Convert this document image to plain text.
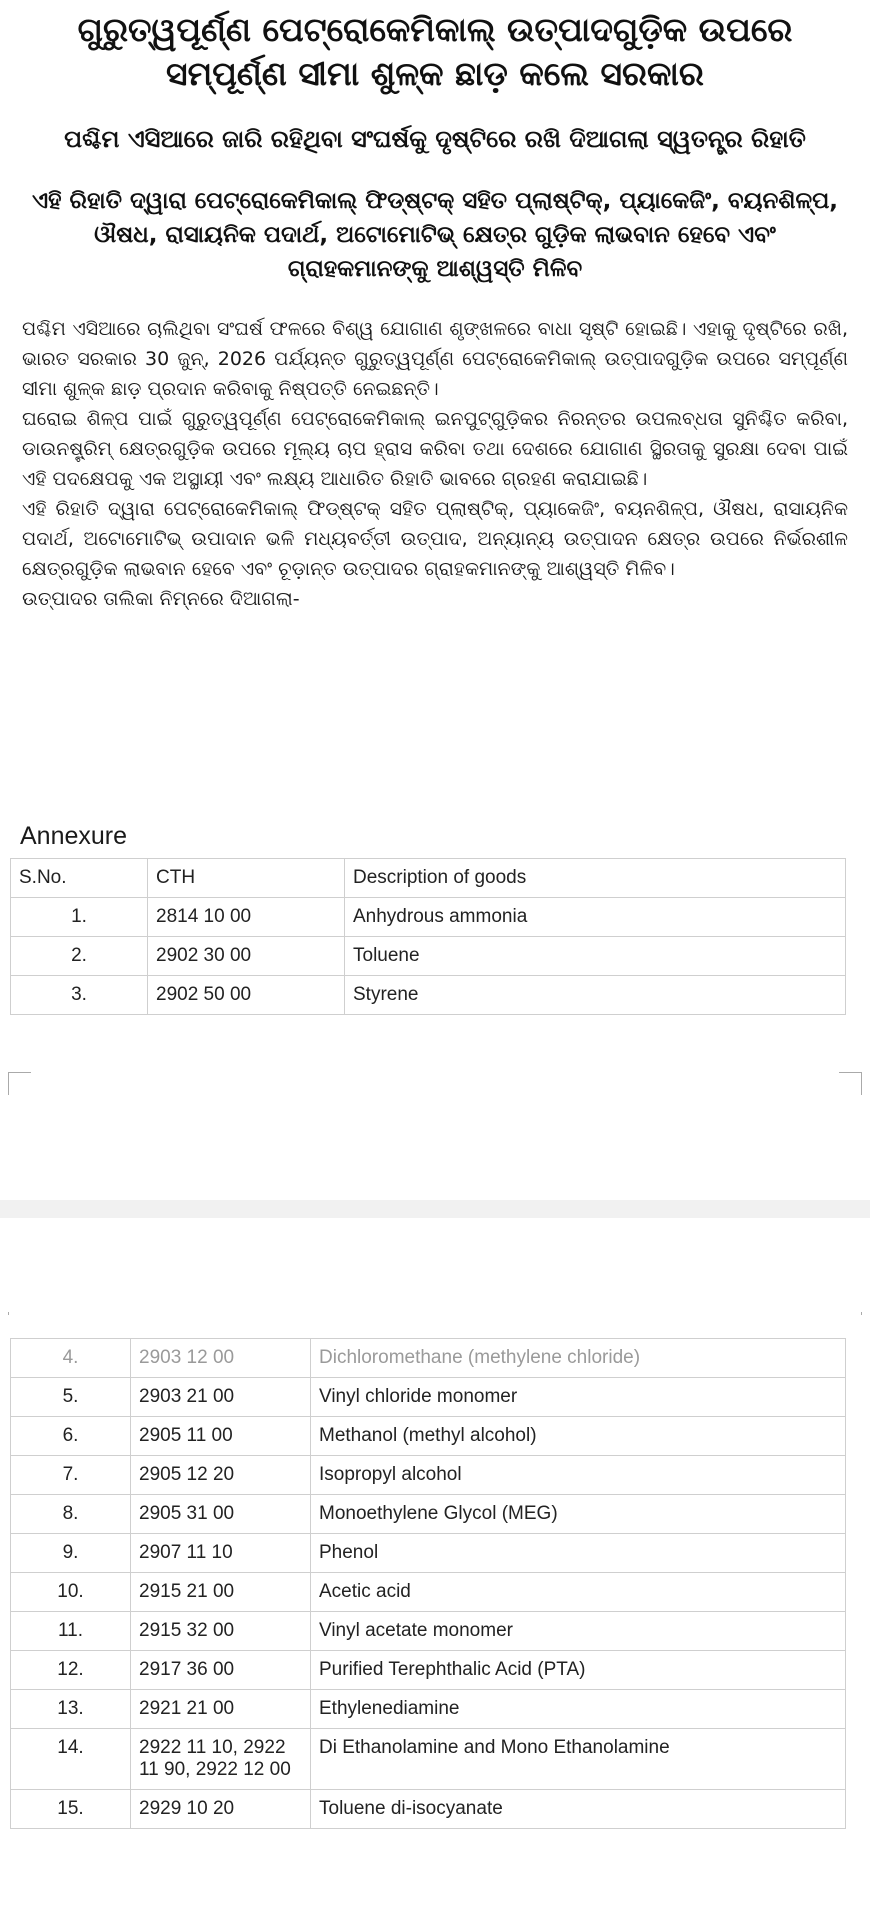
ଗୁରୁତ୍ୱପୂର୍ଣ୍ଣ ପେଟ୍ରୋକେମିକାଲ୍ ଉତ୍ପାଦଗୁଡ଼ିକ ଉପରେ ସମ୍ପୂର୍ଣ୍ଣ ସୀମା ଶୁଳ୍କ ଛାଡ଼ କଲେ ସରକାର
ପଶ୍ଚିମ ଏସିଆରେ ଜାରି ରହିଥିବା ସଂଘର୍ଷକୁ ଦୃଷ୍ଟିରେ ରଖି ଦିଆଗଲା ସ୍ୱତନ୍ତ୍ର ରିହାତି
ଏହି ରିହାତି ଦ୍ୱାରା ପେଟ୍ରୋକେମିକାଲ୍ ଫିଡ୍‌ଷ୍ଟକ୍ ସହିତ ପ୍ଲାଷ୍ଟିକ୍, ପ୍ୟାକେଜିଂ, ବୟନଶିଳ୍ପ, ଔଷଧ, ରାସାୟନିକ ପଦାର୍ଥ, ଅଟୋମୋଟିଭ୍ କ୍ଷେତ୍ର ଗୁଡ଼ିକ ଲାଭବାନ ହେବେ ଏବଂ ଗ୍ରାହକମାନଙ୍କୁ ଆଶ୍ୱସ୍ତି ମିଳିବ

ପଶ୍ଚିମ ଏସିଆରେ ଚାଲିଥିବା ସଂଘର୍ଷ ଫଳରେ ବିଶ୍ୱ ଯୋଗାଣ ଶୃଙ୍ଖଳରେ ବାଧା ସୃଷ୍ଟି ହୋଇଛି। ଏହାକୁ ଦୃଷ୍ଟିରେ ରଖି, ଭାରତ ସରକାର 30 ଜୁନ୍, 2026 ପର୍ଯ୍ୟନ୍ତ ଗୁରୁତ୍ୱପୂର୍ଣ୍ଣ ପେଟ୍ରୋକେମିକାଲ୍ ଉତ୍ପାଦଗୁଡ଼ିକ ଉପରେ ସମ୍ପୂର୍ଣ୍ଣ ସୀମା ଶୁଳ୍କ ଛାଡ଼ ପ୍ରଦାନ କରିବାକୁ ନିଷ୍ପତ୍ତି ନେଇଛନ୍ତି।

ଘରୋଇ ଶିଳ୍ପ ପାଇଁ ଗୁରୁତ୍ୱପୂର୍ଣ୍ଣ ପେଟ୍ରୋକେମିକାଲ୍ ଇନପୁଟ୍‌ଗୁଡ଼ିକର ନିରନ୍ତର ଉପଲବ୍ଧତା ସୁନିଶ୍ଚିତ କରିବା, ଡାଉନଷ୍ଟ୍ରିମ୍ କ୍ଷେତ୍ରଗୁଡ଼ିକ ଉପରେ ମୂଲ୍ୟ ଚାପ ହ୍ରାସ କରିବା ତଥା ଦେଶରେ ଯୋଗାଣ ସ୍ଥିରତାକୁ ସୁରକ୍ଷା ଦେବା ପାଇଁ ଏହି ପଦକ୍ଷେପକୁ ଏକ ଅସ୍ଥାୟୀ ଏବଂ ଲକ୍ଷ୍ୟ ଆଧାରିତ ରିହାତି ଭାବରେ ଗ୍ରହଣ କରାଯାଇଛି।

ଏହି ରିହାତି ଦ୍ୱାରା ପେଟ୍ରୋକେମିକାଲ୍ ଫିଡ୍‌ଷ୍ଟକ୍ ସହିତ ପ୍ଲାଷ୍ଟିକ୍, ପ୍ୟାକେଜିଂ, ବୟନଶିଳ୍ପ, ଔଷଧ, ରାସାୟନିକ ପଦାର୍ଥ, ଅଟୋମୋଟିଭ୍ ଉପାଦାନ ଭଳି ମଧ୍ୟବର୍ତ୍ତୀ ଉତ୍ପାଦ, ଅନ୍ୟାନ୍ୟ ଉତ୍ପାଦନ କ୍ଷେତ୍ର ଉପରେ ନିର୍ଭରଶୀଳ କ୍ଷେତ୍ରଗୁଡ଼ିକ ଲାଭବାନ ହେବେ ଏବଂ ଚୂଡ଼ାନ୍ତ ଉତ୍ପାଦର ଗ୍ରାହକମାନଙ୍କୁ ଆଶ୍ୱସ୍ତି ମିଳିବ।

ଉତ୍ପାଦର ତାଲିକା ନିମ୍ନରେ ଦିଆଗଲା-

Annexure
S.No.	CTH	Description of goods
1.	2814 10 00	Anhydrous ammonia
2.	2902 30 00	Toluene
3.	2902 50 00	Styrene
4.	2903 12 00	Dichloromethane (methylene chloride)
5.	2903 21 00	Vinyl chloride monomer
6.	2905 11 00	Methanol (methyl alcohol)
7.	2905 12 20	Isopropyl alcohol
8.	2905 31 00	Monoethylene Glycol (MEG)
9.	2907 11 10	Phenol
10.	2915 21 00	Acetic acid
11.	2915 32 00	Vinyl acetate monomer
12.	2917 36 00	Purified Terephthalic Acid (PTA)
13.	2921 21 00	Ethylenediamine
14.	2922 11 10, 2922 11 90, 2922 12 00	Di Ethanolamine and Mono Ethanolamine
15.	2929 10 20	Toluene di-isocyanate
